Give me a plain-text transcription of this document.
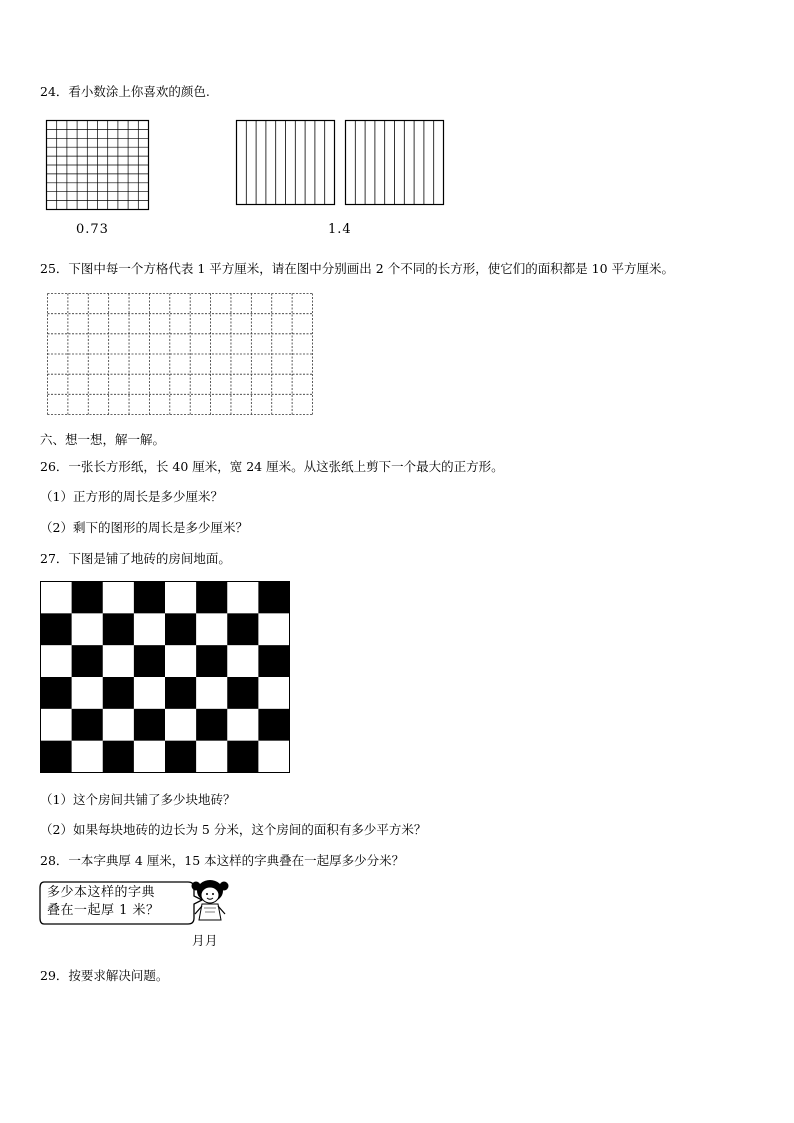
24．看小数涂上你喜欢的颜色.
0.73	1.4
25．下图中每一个方格代表 1 平方厘米，请在图中分别画出 2 个不同的长方形，使它们的面积都是 10 平方厘米。
六、想一想，解一解。
26．一张长方形纸，长 40 厘米，宽 24 厘米。从这张纸上剪下一个最大的正方形。
（1）正方形的周长是多少厘米？
（2）剩下的图形的周长是多少厘米？
27．下图是铺了地砖的房间地面。
（1）这个房间共铺了多少块地砖？
（2）如果每块地砖的边长为 5 分米，这个房间的面积有多少平方米？
28．一本字典厚 4 厘米，15 本这样的字典叠在一起厚多少分米？
多少本这样的字典
叠在一起厚 1 米？
月月
29．按要求解决问题。
